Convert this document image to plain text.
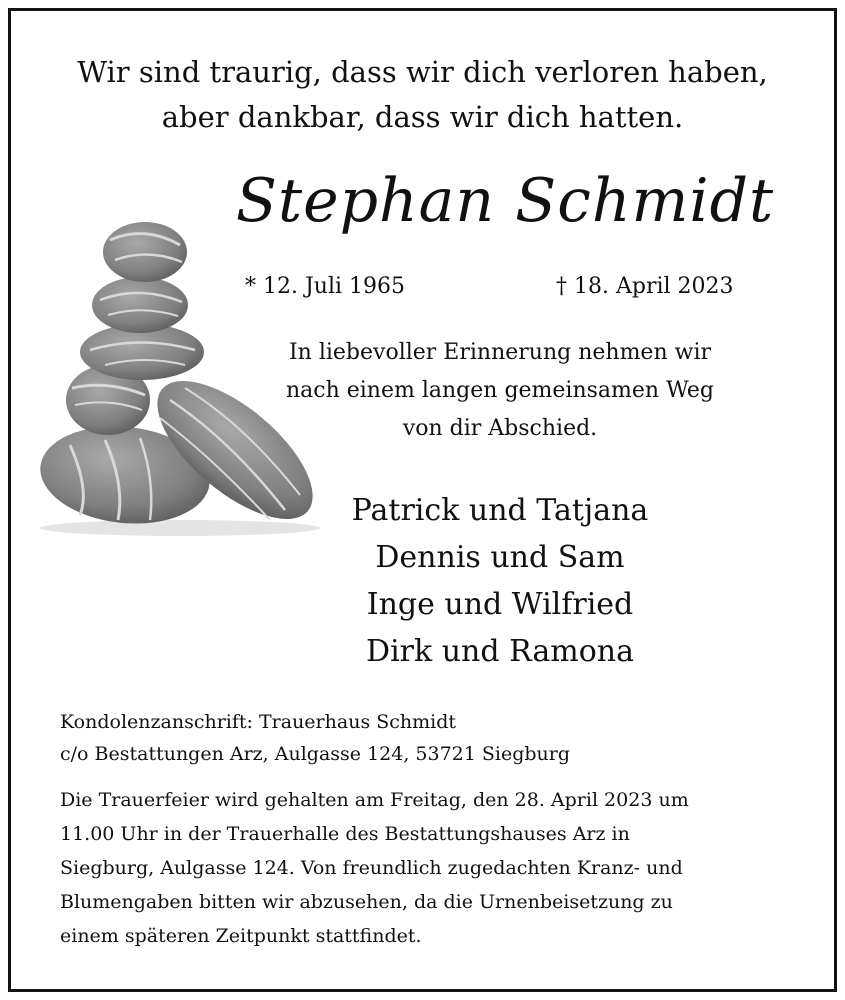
Wir sind traurig, dass wir dich verloren haben,
aber dankbar, dass wir dich hatten.
Stephan Schmidt
* 12. Juli 1965	† 18. April 2023
In liebevoller Erinnerung nehmen wir
nach einem langen gemeinsamen Weg
von dir Abschied.
Patrick und Tatjana
Dennis und Sam
Inge und Wilfried
Dirk und Ramona
Kondolenzanschrift: Trauerhaus Schmidt
c/o Bestattungen Arz, Aulgasse 124, 53721 Siegburg
Die Trauerfeier wird gehalten am Freitag, den 28. April 2023 um
11.00 Uhr in der Trauerhalle des Bestattungshauses Arz in
Siegburg, Aulgasse 124. Von freundlich zugedachten Kranz- und
Blumengaben bitten wir abzusehen, da die Urnenbeisetzung zu
einem späteren Zeitpunkt stattfindet.
